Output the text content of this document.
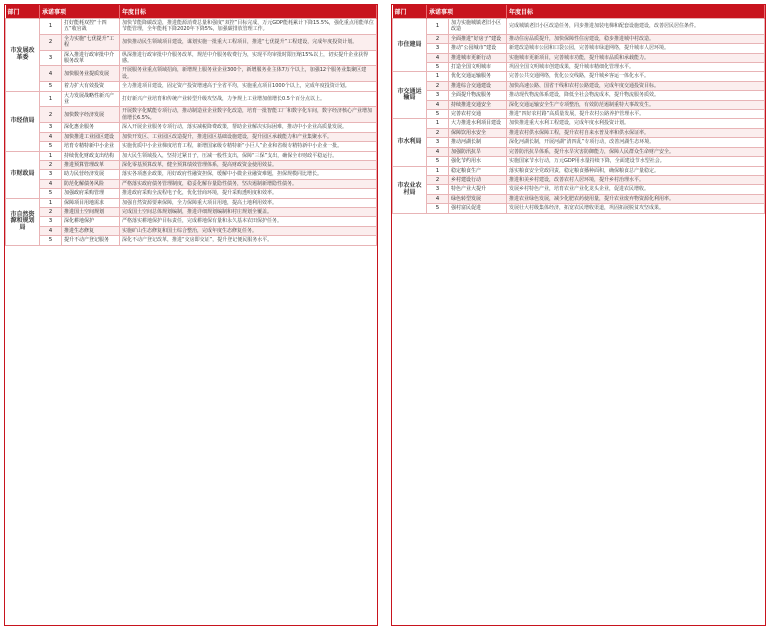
部门	承诺事项		年度目标
市发展改革委	1	打好能耗双控“十四五”收官战	加快节能降碳改造，推进能源消费总量和强度“双控”目标完成，万元GDP能耗累计下降15.5%，强化重点用能单位节能管理，全年能耗下降2020年下降5%，加强碳排放管理工作。
	2	全力实施“七优提升”工程	加快推动民生领域项目建设，谋划实施一批重大工程项目，推进“七优提升”工程建设，完成年度投资计划。
	3	深入推进行政审批中介服务改革	纵深推进行政审批中介服务改革，规范中介服务收费行为，实现平均审批时限压缩15%以上，切实提升企业获得感。
	4	加快服务业提质发展	开展服务业重点领域招商，新增规上服务业企业300个，新增服务业主体7万个以上，加强12个服务业集聚区建设。
	5	着力扩大有效投资	全力推进项目建设，固定资产投资增速高于全省平均，实施重点项目1000个以上，完成年度投资计划。
市经信局	1	大力发展战略性新兴产业	打好新兴产业培育和传统产业转型升级攻坚战，力争规上工业增加值增长0.5个百分点以上。
	2	加快数字经济发展	开展数字化赋能专项行动，推动制造业企业数字化改造，培育一批智能工厂和数字化车间，数字经济核心产业增加值增长6.5%。
	3	深化惠企服务	深入开展企业服务专项行动，落实减税降费政策，帮助企业解决实际困难，推动中小企业高质量发展。
	4	加快推进工业园区建设	加快开发区、工业园区改造提升，推进园区基础设施建设，提升园区承载能力和产业集聚水平。
	5	培育专精特新中小企业	实施优质中小企业梯度培育工程，新增国家级专精特新“小巨人”企业和省级专精特新中小企业一批。
市财政局	1	持续优化财政支出结构	加大民生领域投入，坚持过紧日子，压减一般性支出，保障“三保”支出，确保全市财政平稳运行。
	2	推进预算管理改革	深化零基预算改革，健全预算绩效管理体系，提高财政资金使用效益。
	3	助力民营经济发展	落实各项惠企政策，用好政府性融资担保，缓解中小微企业融资难题，担保规模同比增长。
	4	防范化解债务风险	严格落实政府债务管理制度，稳妥化解存量隐性债务，坚决遏制新增隐性债务。
	5	加强政府采购管理	推进政府采购全流程电子化，优化营商环境，提升采购透明度和效率。
市自然资源和规划局	1	保障项目用地需求	加强自然资源要素保障，全力保障重大项目用地，提高土地利用效率。
	2	推进国土空间规划	完成国土空间总体规划编制，推进详细规划编制和村庄规划全覆盖。
	3	深化耕地保护	严格落实耕地保护目标责任，完成耕地保有量和永久基本农田保护任务。
	4	推进生态修复	实施矿山生态修复和国土综合整治，完成年度生态修复任务。
	5	提升不动产登记服务	深化不动产登记改革，推进“交房即交证”，提升登记便民服务水平。
部门	承诺事项		年度目标
市住建局	1	加力实施城镇老旧小区改造	完成城镇老旧小区改造任务，同步推进加装电梯和配套设施建设，改善居民居住条件。
	2	全面推进“好房子”建设	推动住房品质提升，加快保障性住房建设，稳步推进城中村改造。
	3	推动“公园城市”建设	新建改造城市公园和口袋公园，完善城市绿道网络，提升城市人居环境。
	4	推进城市更新行动	实施城市更新项目，完善城市功能，提升城市品质和承载能力。
	5	打造全国文明城市	巩固全国文明城市创建成果，提升城市精细化管理水平。
市交通运输局	1	优化交通运输服务	完善公共交通网络，优化公交线路，提升城乡客运一体化水平。
	2	推进综合交通建设	加快高速公路、国省干线和农村公路建设，完成年度交通投资目标。
	3	全面提升物流服务	推动现代物流体系建设，降低全社会物流成本，提升物流服务质效。
	4	持续推进交通安全	深化交通运输安全生产专项整治，有效防范遏制重特大事故发生。
	5	完善农村交通	推进“四好农村路”高质量发展，提升农村公路养护管理水平。
市水利局	1	大力推进水利项目建设	加快推进重大水利工程建设，完成年度水利投资计划。
	2	保障饮用水安全	推进农村供水保障工程，提升农村自来水普及率和供水保证率。
	3	推动河湖长制	深化河湖长制，开展河湖“清四乱”专项行动，改善河湖生态环境。
	4	加强防汛抗旱	完善防汛抗旱体系，提升水旱灾害防御能力，保障人民群众生命财产安全。
	5	强化节约用水	实施国家节水行动，万元GDP用水量持续下降，全面建设节水型社会。
市农业农村局	1	稳定粮食生产	落实粮食安全党政同责，稳定粮食播种面积，确保粮食总产量稳定。
	2	乡村建设行动	推进和美乡村建设，改善农村人居环境，提升乡村治理水平。
	3	特色产业大提升	发展乡村特色产业，培育农业产业化龙头企业，促进农民增收。
	4	绿色转型发展	推进农业绿色发展，减少化肥农药使用量，提升农业废弃物资源化利用率。
	5	强村富民促进	发展壮大村级集体经济，拓宽农民增收渠道，巩固拓展脱贫攻坚成果。
